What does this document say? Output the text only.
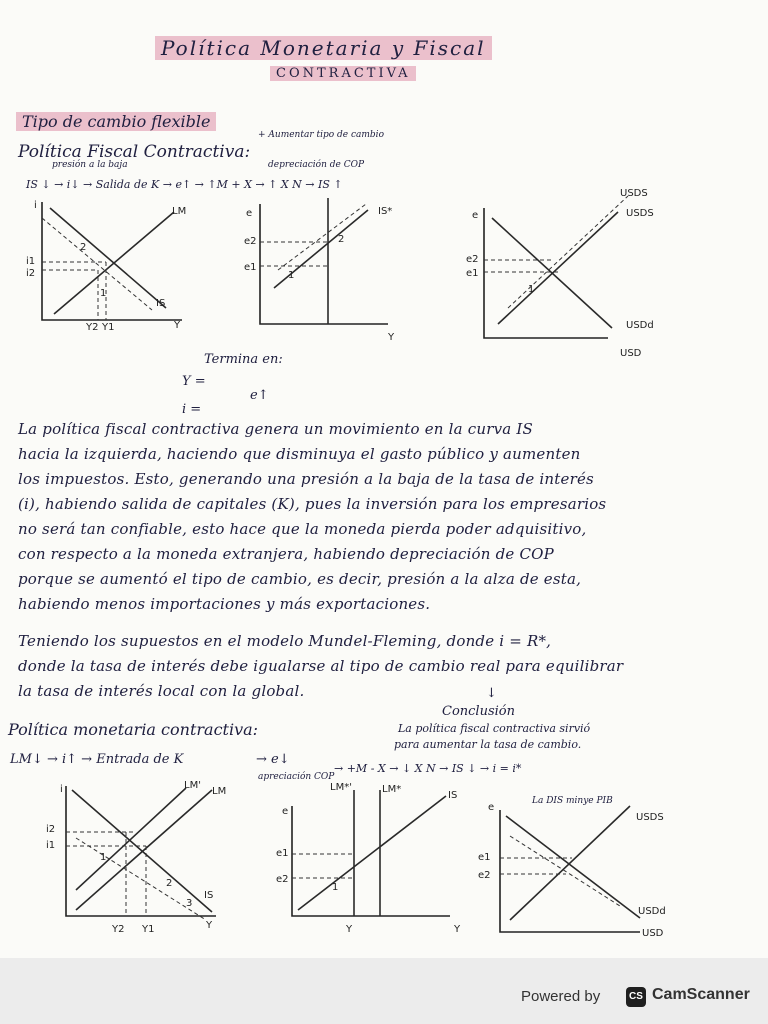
Política Monetaria y Fiscal
CONTRACTIVA
Tipo de cambio flexible
Política Fiscal Contractiva:
+ Aumentar tipo de cambio
presión a la baja	depreciación de COP
IS ↓ → i↓ → Salida de K → e↑ → ↑M + X → ↑ X N → IS ↑
i
Y
LM
IS
i1
i2
Y2 Y1
2
1
e
Y
e2
e1
IS*
2
1
e
USDS
USDS
USDd
USD
e2
e1
1
Termina en:
Y =
e↑
i =
La política fiscal contractiva genera un movimiento en la curva IS
hacia la izquierda, haciendo que disminuya el gasto público y aumenten
los impuestos. Esto, generando una presión a la baja de la tasa de interés
(i), habiendo salida de capitales (K), pues la inversión para los empresarios
no será tan confiable, esto hace que la moneda pierda poder adquisitivo,
con respecto a la moneda extranjera, habiendo depreciación de COP
porque se aumentó el tipo de cambio, es decir, presión a la alza de esta,
habiendo menos importaciones y más exportaciones.
Teniendo los supuestos en el modelo Mundel-Fleming, donde i = R*,
donde la tasa de interés debe igualarse al tipo de cambio real para equilibrar
la tasa de interés local con la global.	↓
Conclusión
La política fiscal contractiva sirvió
para aumentar la tasa de cambio.
Política monetaria contractiva:
LM↓ → i↑ → Entrada de K	→ e↓
apreciación COP
→ +M - X → ↓ X N → IS ↓ → i = i*
La DIS minye PIB
i
Y
LM'
LM
IS
i2
i1
Y2 Y1
1
2
3
e
Y
Y
LM*'	LM*
IS
e1
e2
1
e
USDS
USDd
USD
e1
e2
Powered by	CS CamScanner
